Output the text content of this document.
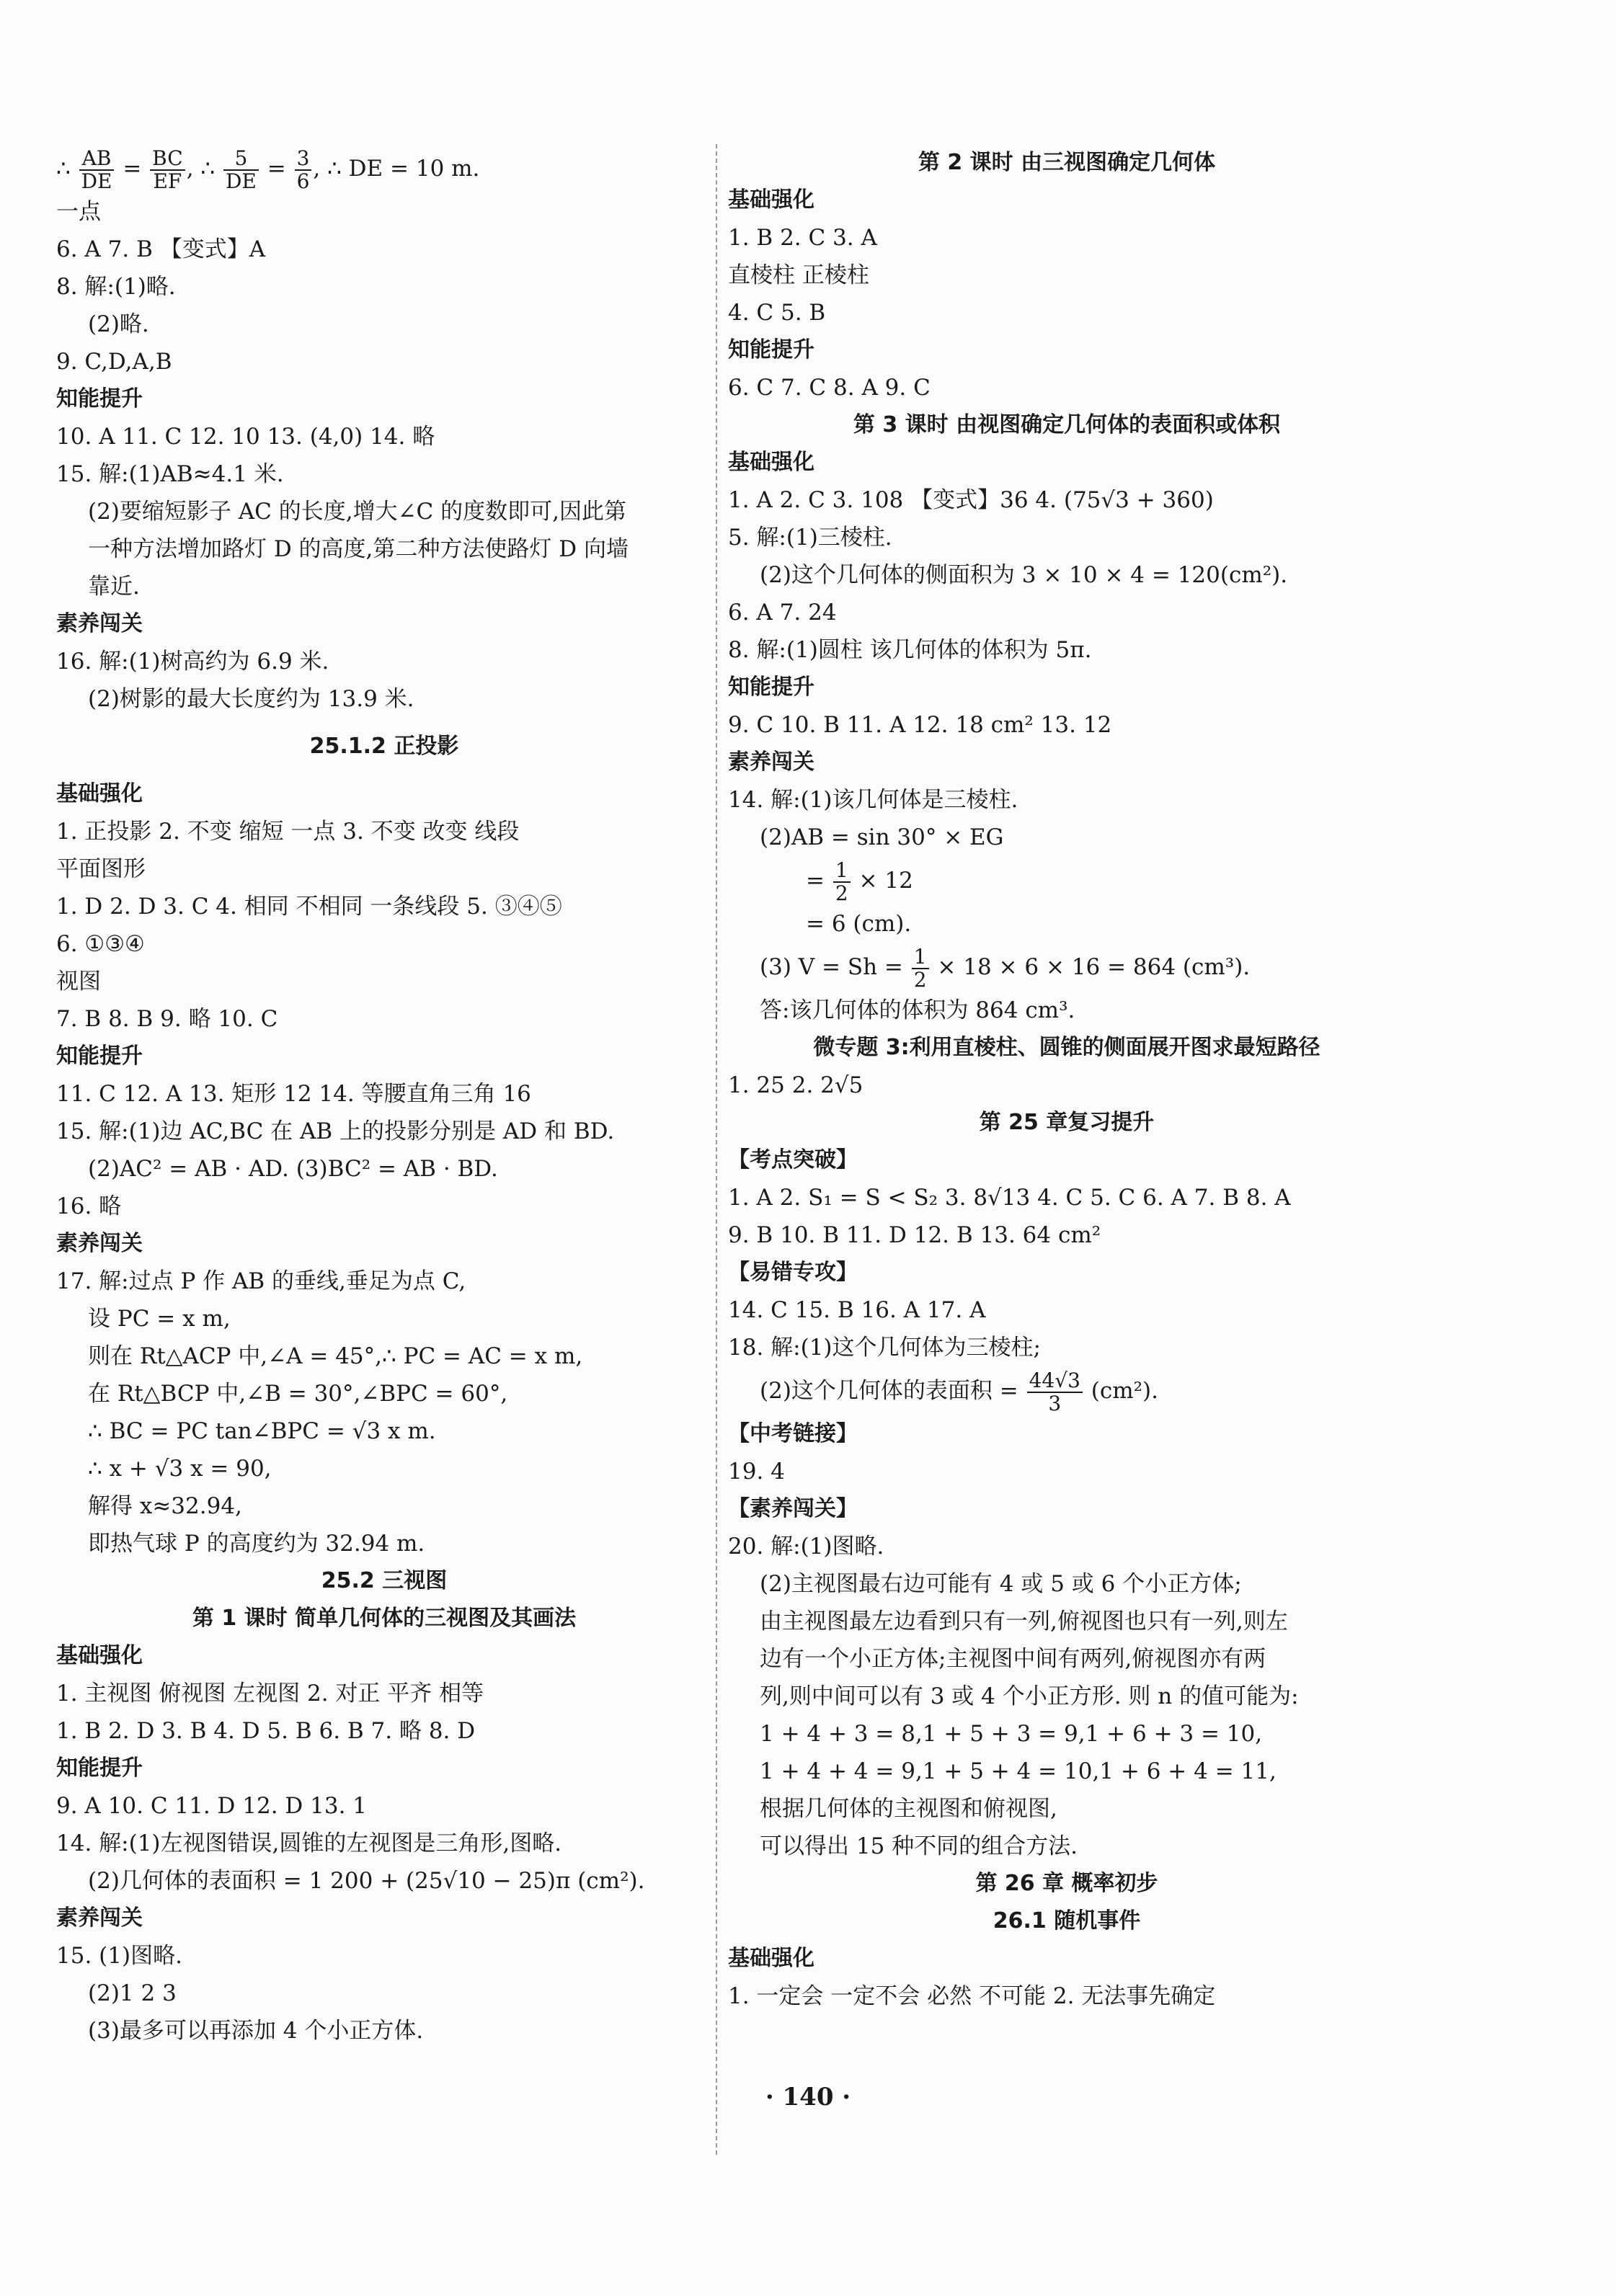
∴ $\frac{AB}{DE} = \frac{BC}{EF}$ , ∴ $\frac{5}{DE} = \frac{3}{6}$ , ∴ DE = 10 m.
一点
6. A 7. B 【变式】A
8. 解:(1)略.
(2)略.
9. C,D,A,B
知能提升
10. A 11. C 12. 10 13. (4,0) 14. 略
15. 解:(1)AB≈4.1 米.
(2)要缩短影子 AC 的长度,增大∠C 的度数即可,因此第
一种方法增加路灯 D 的高度,第二种方法使路灯 D 向墙
靠近.
素养闯关
16. 解:(1)树高约为 6.9 米.
(2)树影的最大长度约为 13.9 米.
25.1.2 正投影
基础强化
1. 正投影 2. 不变 缩短 一点 3. 不变 改变 线段
平面图形
1. D 2. D 3. C 4. 相同 不相同 一条线段 5. ③④⑤
6. ①③④
视图
7. B 8. B 9. 略 10. C
知能提升
11. C 12. A 13. 矩形 12 14. 等腰直角三角 16
15. 解:(1)边 AC,BC 在 AB 上的投影分别是 AD 和 BD.
(2)AC² = AB · AD. (3)BC² = AB · BD.
16. 略
素养闯关
17. 解:过点 P 作 AB 的垂线,垂足为点 C,
设 PC = x m,
则在 Rt△ACP 中,∠A = 45°,∴ PC = AC = x m,
在 Rt△BCP 中,∠B = 30°,∠BPC = 60°,
∴ BC = PC tan∠BPC = √3 x m.
∴ x + √3 x = 90,
解得 x≈32.94,
即热气球 P 的高度约为 32.94 m.
25.2 三视图
第 1 课时 简单几何体的三视图及其画法
基础强化
1. 主视图 俯视图 左视图 2. 对正 平齐 相等
1. B 2. D 3. B 4. D 5. B 6. B 7. 略 8. D
知能提升
9. A 10. C 11. D 12. D 13. 1
14. 解:(1)左视图错误,圆锥的左视图是三角形,图略.
(2)几何体的表面积 = 1 200 + (25√10 − 25)π (cm²).
素养闯关
15. (1)图略.
(2)1 2 3
(3)最多可以再添加 4 个小正方体.
第 2 课时 由三视图确定几何体
基础强化
1. B 2. C 3. A
直棱柱 正棱柱
4. C 5. B
知能提升
6. C 7. C 8. A 9. C
第 3 课时 由视图确定几何体的表面积或体积
基础强化
1. A 2. C 3. 108 【变式】36 4. (75√3 + 360)
5. 解:(1)三棱柱.
(2)这个几何体的侧面积为 3 × 10 × 4 = 120(cm²).
6. A 7. 24
8. 解:(1)圆柱 该几何体的体积为 5π.
知能提升
9. C 10. B 11. A 12. 18 cm² 13. 12
素养闯关
14. 解:(1)该几何体是三棱柱.
(2)AB = sin 30° × EG
= $\frac{1}{2} \times 12$
= 6 (cm).
(3) $V = Sh = \frac{1}{2} \times 18 \times 6 \times 16 = 864$ (cm³).
答:该几何体的体积为 864 cm³.
微专题 3:利用直棱柱、圆锥的侧面展开图求最短路径
1. 25 2. 2√5
第 25 章复习提升
【考点突破】
1. A 2. S₁ = S < S₂ 3. 8√13 4. C 5. C 6. A 7. B 8. A
9. B 10. B 11. D 12. B 13. 64 cm²
【易错专攻】
14. C 15. B 16. A 17. A
18. 解:(1)这个几何体为三棱柱;
(2)这个几何体的表面积 = $\frac{44√3}{3} (cm^2)$.
【中考链接】
19. 4
【素养闯关】
20. 解:(1)图略.
(2)主视图最右边可能有 4 或 5 或 6 个小正方体;
由主视图最左边看到只有一列,俯视图也只有一列,则左
边有一个小正方体;主视图中间有两列,俯视图亦有两
列,则中间可以有 3 或 4 个小正方形. 则 n 的值可能为:
1 + 4 + 3 = 8,1 + 5 + 3 = 9,1 + 6 + 3 = 10,
1 + 4 + 4 = 9,1 + 5 + 4 = 10,1 + 6 + 4 = 11,
根据几何体的主视图和俯视图,
可以得出 15 种不同的组合方法.
第 26 章 概率初步
26.1 随机事件
基础强化
1. 一定会 一定不会 必然 不可能 2. 无法事先确定
· 140 ·
